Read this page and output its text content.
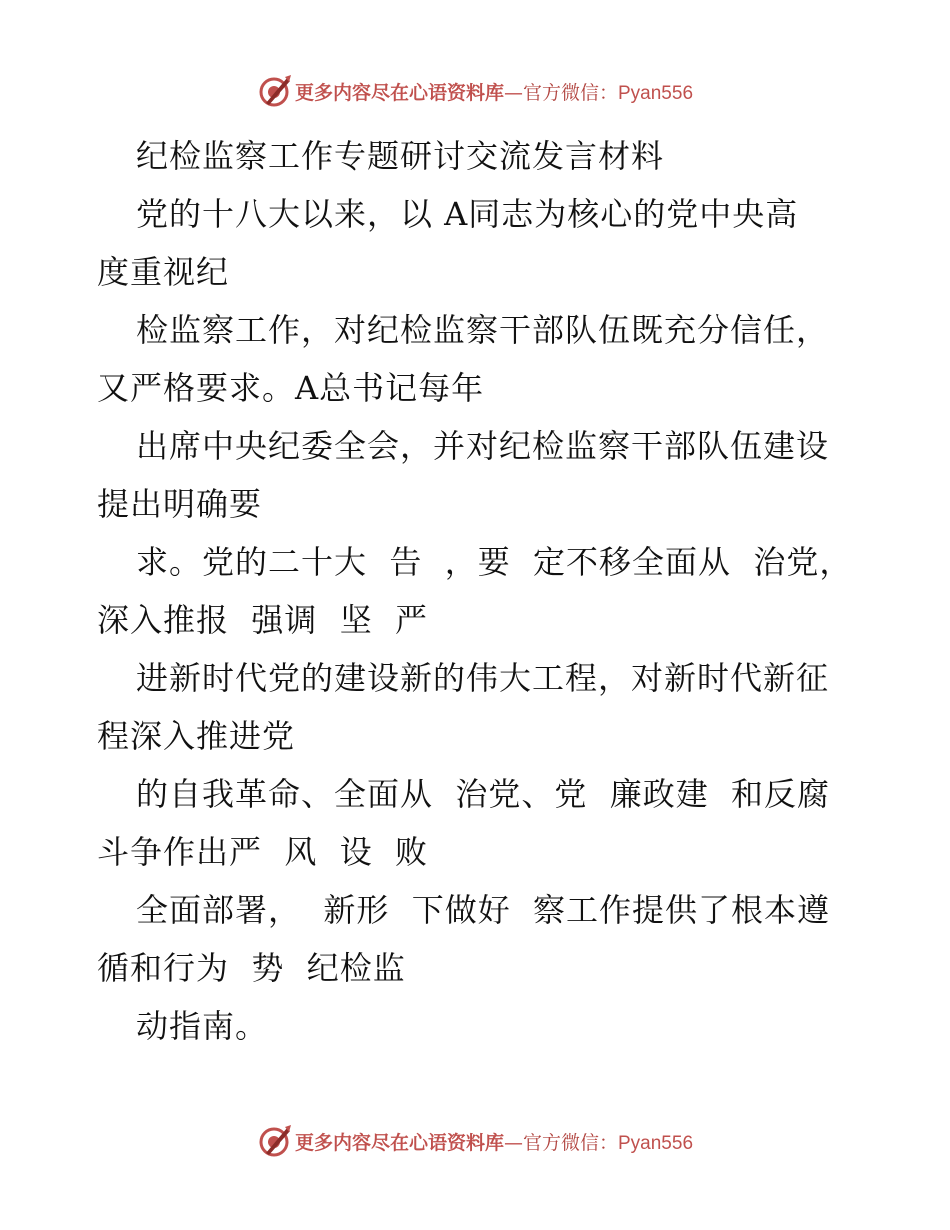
更多内容尽在心语资料库—官方微信：Pyan556
纪检监察工作专题研讨交流发言材料
党的十八大以来，以 A同志为核心的党中央高
度重视纪
检监察工作，对纪检监察干部队伍既充分信任，
又严格要求。A总书记每年
出席中央纪委全会，并对纪检监察干部队伍建设
提出明确要
求。党的二十大  告  ，要  定不移全面从  治党，
深入推报  强调  坚  严
进新时代党的建设新的伟大工程，对新时代新征
程深入推进党
的自我革命、全面从  治党、党  廉政建  和反腐
斗争作出严  风  设  败
全面部署，  新形  下做好  察工作提供了根本遵
循和行为  势  纪检监
动指南。
更多内容尽在心语资料库—官方微信：Pyan556
